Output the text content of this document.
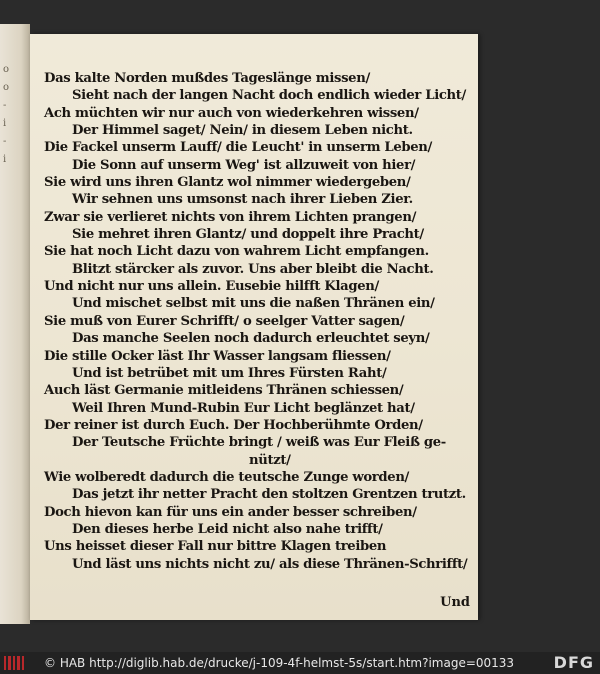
o
o
-
i
-
i
Das kalte Norden mußdes Tageslänge missen/
Sieht nach der langen Nacht doch endlich wieder Licht/
Ach müchten wir nur auch von wiederkehren wissen/
Der Himmel saget/ Nein/ in diesem Leben nicht.
Die Fackel unserm Lauff/ die Leucht' in unserm Leben/
Die Sonn auf unserm Weg' ist allzuweit von hier/
Sie wird uns ihren Glantz wol nimmer wiedergeben/
Wir sehnen uns umsonst nach ihrer Lieben Zier.
Zwar sie verlieret nichts von ihrem Lichten prangen/
Sie mehret ihren Glantz/ und doppelt ihre Pracht/
Sie hat noch Licht dazu von wahrem Licht empfangen.
Blitzt stärcker als zuvor. Uns aber bleibt die Nacht.
Und nicht nur uns allein. Eusebie hilfft Klagen/
Und mischet selbst mit uns die naßen Thränen ein/
Sie muß von Eurer Schrifft/ o seelger Vatter sagen/
Das manche Seelen noch dadurch erleuchtet seyn/
Die stille Ocker läst Ihr Wasser langsam fliessen/
Und ist betrübet mit um Ihres Fürsten Raht/
Auch läst Germanie mitleidens Thränen schiessen/
Weil Ihren Mund-Rubin Eur Licht beglänzet hat/
Der reiner ist durch Euch. Der Hochberühmte Orden/
Der Teutsche Früchte bringt / weiß was Eur Fleiß ge-
nützt/
Wie wolberedt dadurch die teutsche Zunge worden/
Das jetzt ihr netter Pracht den stoltzen Grentzen trutzt.
Doch hievon kan für uns ein ander besser schreiben/
Den dieses herbe Leid nicht also nahe trifft/
Uns heisset dieser Fall nur bittre Klagen treiben
Und läst uns nichts nicht zu/ als diese Thränen-Schrifft/
Und
© HAB http://diglib.hab.de/drucke/j-109-4f-helmst-5s/start.htm?image=00133 DFG
